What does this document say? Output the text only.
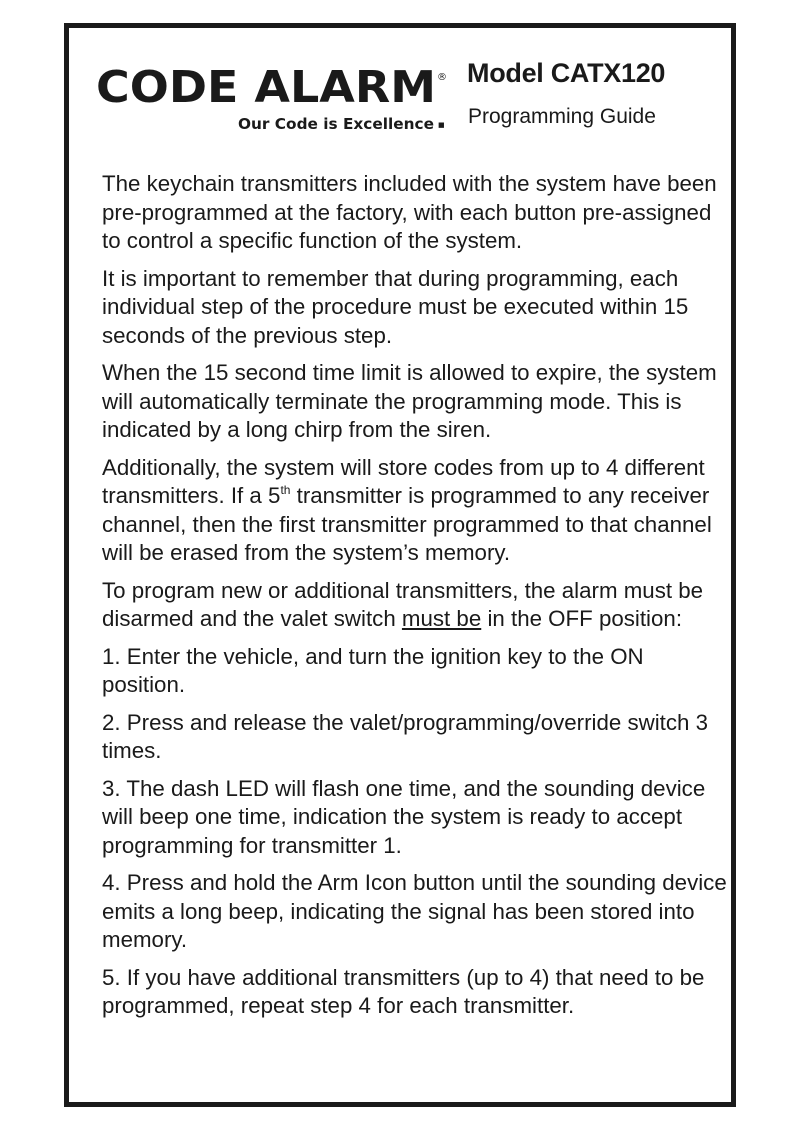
CODE ALARM ®
Our Code is Excellence ■
Model CATX120
Programming Guide

The keychain transmitters included with the system have been pre-programmed at the factory, with each button pre-assigned to control a specific function of the system.

It is important to remember that during programming, each individual step of the procedure must be executed within 15 seconds of the previous step.

When the 15 second time limit is allowed to expire, the system will automatically terminate the programming mode. This is indicated by a long chirp from the siren.

Additionally, the system will store codes from up to 4 different transmitters. If a 5th transmitter is programmed to any receiver channel, then the first transmitter programmed to that channel will be erased from the system’s memory.

To program new or additional transmitters, the alarm must be disarmed and the valet switch must be in the OFF position:

1. Enter the vehicle, and turn the ignition key to the ON position.

2. Press and release the valet/programming/override switch 3 times.

3. The dash LED will flash one time, and the sounding device will beep one time, indication the system is ready to accept programming for transmitter 1.

4. Press and hold the Arm Icon button until the sounding device emits a long beep, indicating the signal has been stored into memory.

5. If you have additional transmitters (up to 4) that need to be programmed, repeat step 4 for each transmitter.
